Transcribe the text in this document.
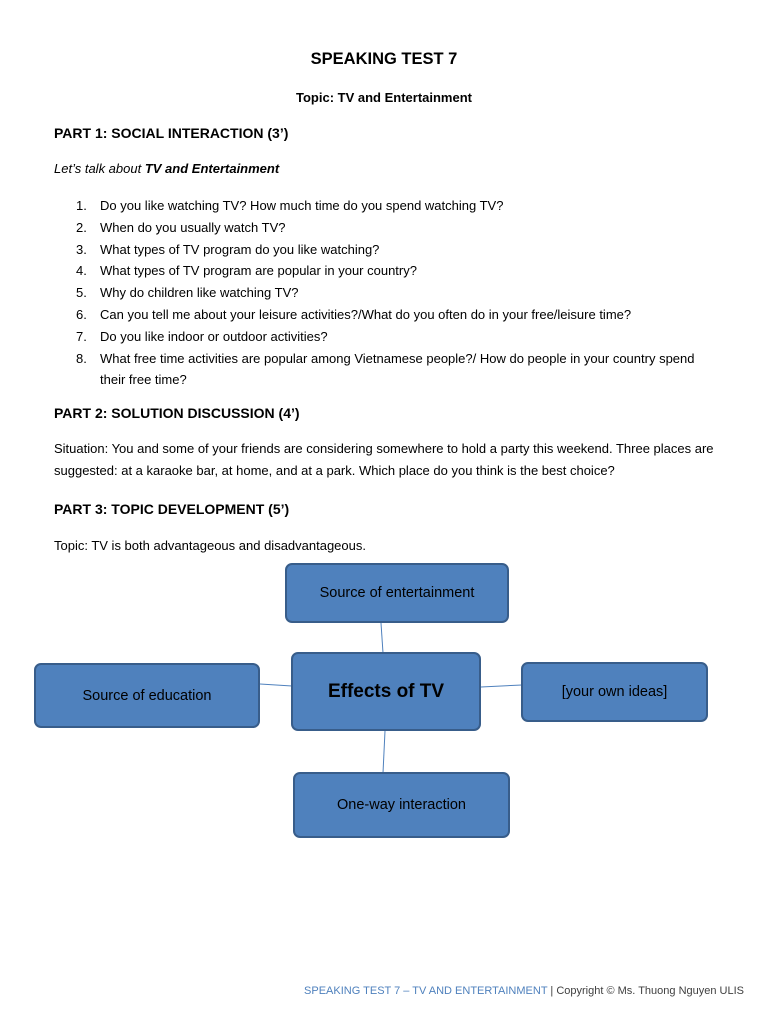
SPEAKING TEST 7
Topic: TV and Entertainment
PART 1: SOCIAL INTERACTION (3’)
Let’s talk about TV and Entertainment
1. Do you like watching TV? How much time do you spend watching TV?
2. When do you usually watch TV?
3. What types of TV program do you like watching?
4. What types of TV program are popular in your country?
5. Why do children like watching TV?
6. Can you tell me about your leisure activities?/What do you often do in your free/leisure time?
7. Do you like indoor or outdoor activities?
8. What free time activities are popular among Vietnamese people?/ How do people in your country spend their free time?
PART 2: SOLUTION DISCUSSION (4’)
Situation: You and some of your friends are considering somewhere to hold a party this weekend. Three places are suggested: at a karaoke bar, at home, and at a park. Which place do you think is the best choice?
PART 3: TOPIC DEVELOPMENT (5’)
Topic: TV is both advantageous and disadvantageous.
Source of entertainment
Source of education	Effects of TV	[your own ideas]
One-way interaction
SPEAKING TEST 7 – TV AND ENTERTAINMENT | Copyright © Ms. Thuong Nguyen ULIS
